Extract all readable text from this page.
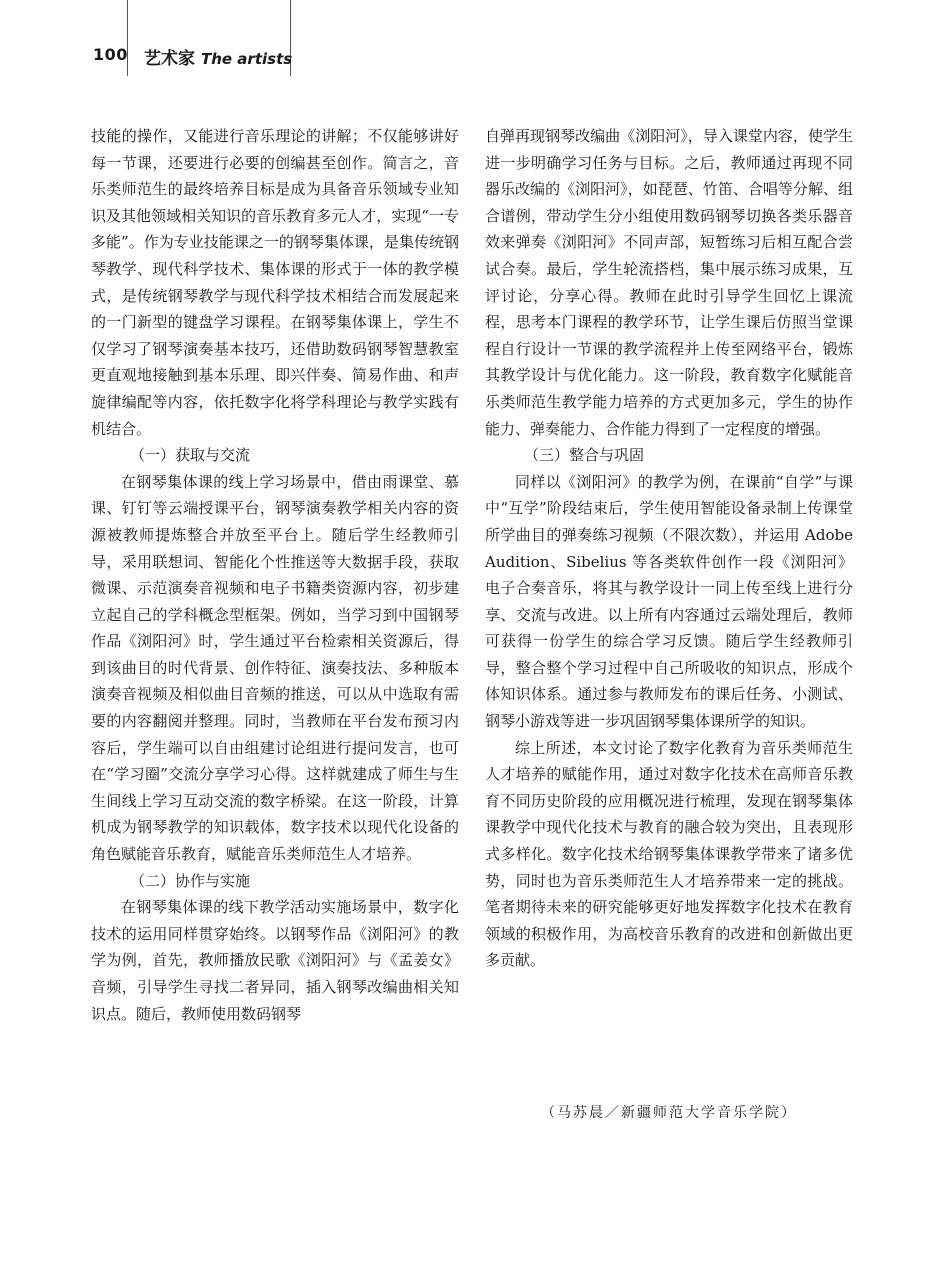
100 艺术家 The artists

技能的操作，又能进行音乐理论的讲解；不仅能够讲好每一节课，还要进行必要的创编甚至创作。简言之，音乐类师范生的最终培养目标是成为具备音乐领域专业知识及其他领域相关知识的音乐教育多元人才，实现“一专多能”。作为专业技能课之一的钢琴集体课，是集传统钢琴教学、现代科学技术、集体课的形式于一体的教学模式，是传统钢琴教学与现代科学技术相结合而发展起来的一门新型的键盘学习课程。在钢琴集体课上，学生不仅学习了钢琴演奏基本技巧，还借助数码钢琴智慧教室更直观地接触到基本乐理、即兴伴奏、简易作曲、和声旋律编配等内容，依托数字化将学科理论与教学实践有机结合。

（一）获取与交流

在钢琴集体课的线上学习场景中，借由雨课堂、慕课、钉钉等云端授课平台，钢琴演奏教学相关内容的资源被教师提炼整合并放至平台上。随后学生经教师引导，采用联想词、智能化个性推送等大数据手段，获取微课、示范演奏音视频和电子书籍类资源内容，初步建立起自己的学科概念型框架。例如，当学习到中国钢琴作品《浏阳河》时，学生通过平台检索相关资源后，得到该曲目的时代背景、创作特征、演奏技法、多种版本演奏音视频及相似曲目音频的推送，可以从中选取有需要的内容翻阅并整理。同时，当教师在平台发布预习内容后，学生端可以自由组建讨论组进行提问发言，也可在“学习圈”交流分享学习心得。这样就建成了师生与生生间线上学习互动交流的数字桥梁。在这一阶段，计算机成为钢琴教学的知识载体，数字技术以现代化设备的角色赋能音乐教育，赋能音乐类师范生人才培养。

（二）协作与实施

在钢琴集体课的线下教学活动实施场景中，数字化技术的运用同样贯穿始终。以钢琴作品《浏阳河》的教学为例，首先，教师播放民歌《浏阳河》与《孟姜女》音频，引导学生寻找二者异同，插入钢琴改编曲相关知识点。随后，教师使用数码钢琴

自弹再现钢琴改编曲《浏阳河》，导入课堂内容，使学生进一步明确学习任务与目标。之后，教师通过再现不同器乐改编的《浏阳河》，如琵琶、竹笛、合唱等分解、组合谱例，带动学生分小组使用数码钢琴切换各类乐器音效来弹奏《浏阳河》不同声部，短暂练习后相互配合尝试合奏。最后，学生轮流搭档，集中展示练习成果，互评讨论，分享心得。教师在此时引导学生回忆上课流程，思考本门课程的教学环节，让学生课后仿照当堂课程自行设计一节课的教学流程并上传至网络平台，锻炼其教学设计与优化能力。这一阶段，教育数字化赋能音乐类师范生教学能力培养的方式更加多元，学生的协作能力、弹奏能力、合作能力得到了一定程度的增强。

（三）整合与巩固

同样以《浏阳河》的教学为例，在课前“自学”与课中“互学”阶段结束后，学生使用智能设备录制上传课堂所学曲目的弹奏练习视频（不限次数），并运用 Adobe Audition、Sibelius 等各类软件创作一段《浏阳河》电子合奏音乐，将其与教学设计一同上传至线上进行分享、交流与改进。以上所有内容通过云端处理后，教师可获得一份学生的综合学习反馈。随后学生经教师引导，整合整个学习过程中自己所吸收的知识点，形成个体知识体系。通过参与教师发布的课后任务、小测试、钢琴小游戏等进一步巩固钢琴集体课所学的知识。

综上所述，本文讨论了数字化教育为音乐类师范生人才培养的赋能作用，通过对数字化技术在高师音乐教育不同历史阶段的应用概况进行梳理，发现在钢琴集体课教学中现代化技术与教育的融合较为突出，且表现形式多样化。数字化技术给钢琴集体课教学带来了诸多优势，同时也为音乐类师范生人才培养带来一定的挑战。笔者期待未来的研究能够更好地发挥数字化技术在教育领域的积极作用，为高校音乐教育的改进和创新做出更多贡献。

（马苏晨／新疆师范大学音乐学院）
